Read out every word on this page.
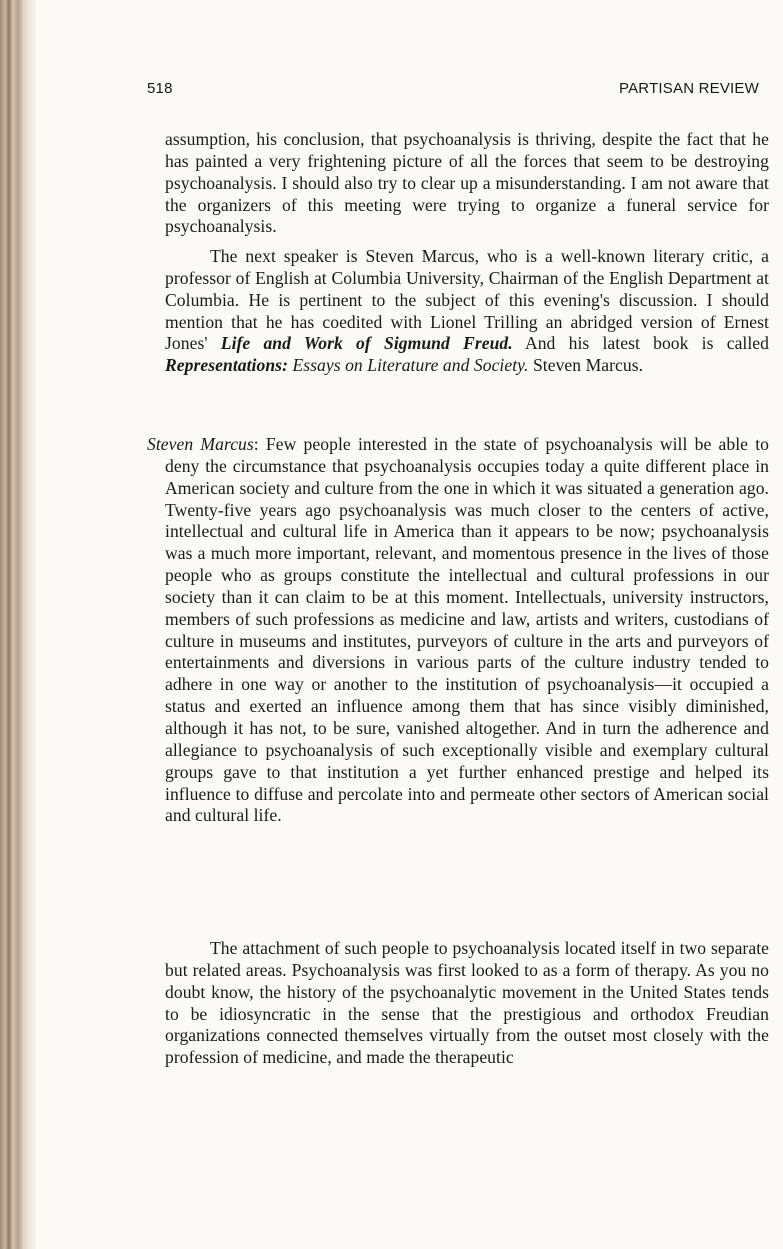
518	PARTISAN REVIEW

assumption, his conclusion, that psychoanalysis is thriving, despite the fact that he has painted a very frightening picture of all the forces that seem to be destroying psychoanalysis. I should also try to clear up a misunderstanding. I am not aware that the organizers of this meeting were trying to organize a funeral service for psychoanalysis.

The next speaker is Steven Marcus, who is a well-known literary critic, a professor of English at Columbia University, Chairman of the English Department at Columbia. He is pertinent to the subject of this evening's discussion. I should mention that he has coedited with Lionel Trilling an abridged version of Ernest Jones' Life and Work of Sigmund Freud. And his latest book is called Representations: Essays on Literature and Society. Steven Marcus.

Steven Marcus: Few people interested in the state of psychoanalysis will be able to deny the circumstance that psychoanalysis occupies today a quite different place in American society and culture from the one in which it was situated a generation ago. Twenty-five years ago psychoanalysis was much closer to the centers of active, intellectual and cultural life in America than it appears to be now; psychoanalysis was a much more important, relevant, and momentous presence in the lives of those people who as groups constitute the intellectual and cultural professions in our society than it can claim to be at this moment. Intellectuals, university instructors, members of such professions as medicine and law, artists and writers, custodians of culture in museums and institutes, purveyors of culture in the arts and purveyors of entertainments and diversions in various parts of the culture industry tended to adhere in one way or another to the institution of psychoanalysis—it occupied a status and exerted an influence among them that has since visibly diminished, although it has not, to be sure, vanished altogether. And in turn the adherence and allegiance to psychoanalysis of such exceptionally visible and exemplary cultural groups gave to that institution a yet further enhanced prestige and helped its influence to diffuse and percolate into and permeate other sectors of American social and cultural life.

The attachment of such people to psychoanalysis located itself in two separate but related areas. Psychoanalysis was first looked to as a form of therapy. As you no doubt know, the history of the psychoanalytic movement in the United States tends to be idiosyncratic in the sense that the prestigious and orthodox Freudian organizations connected themselves virtually from the outset most closely with the profession of medicine, and made the therapeutic
